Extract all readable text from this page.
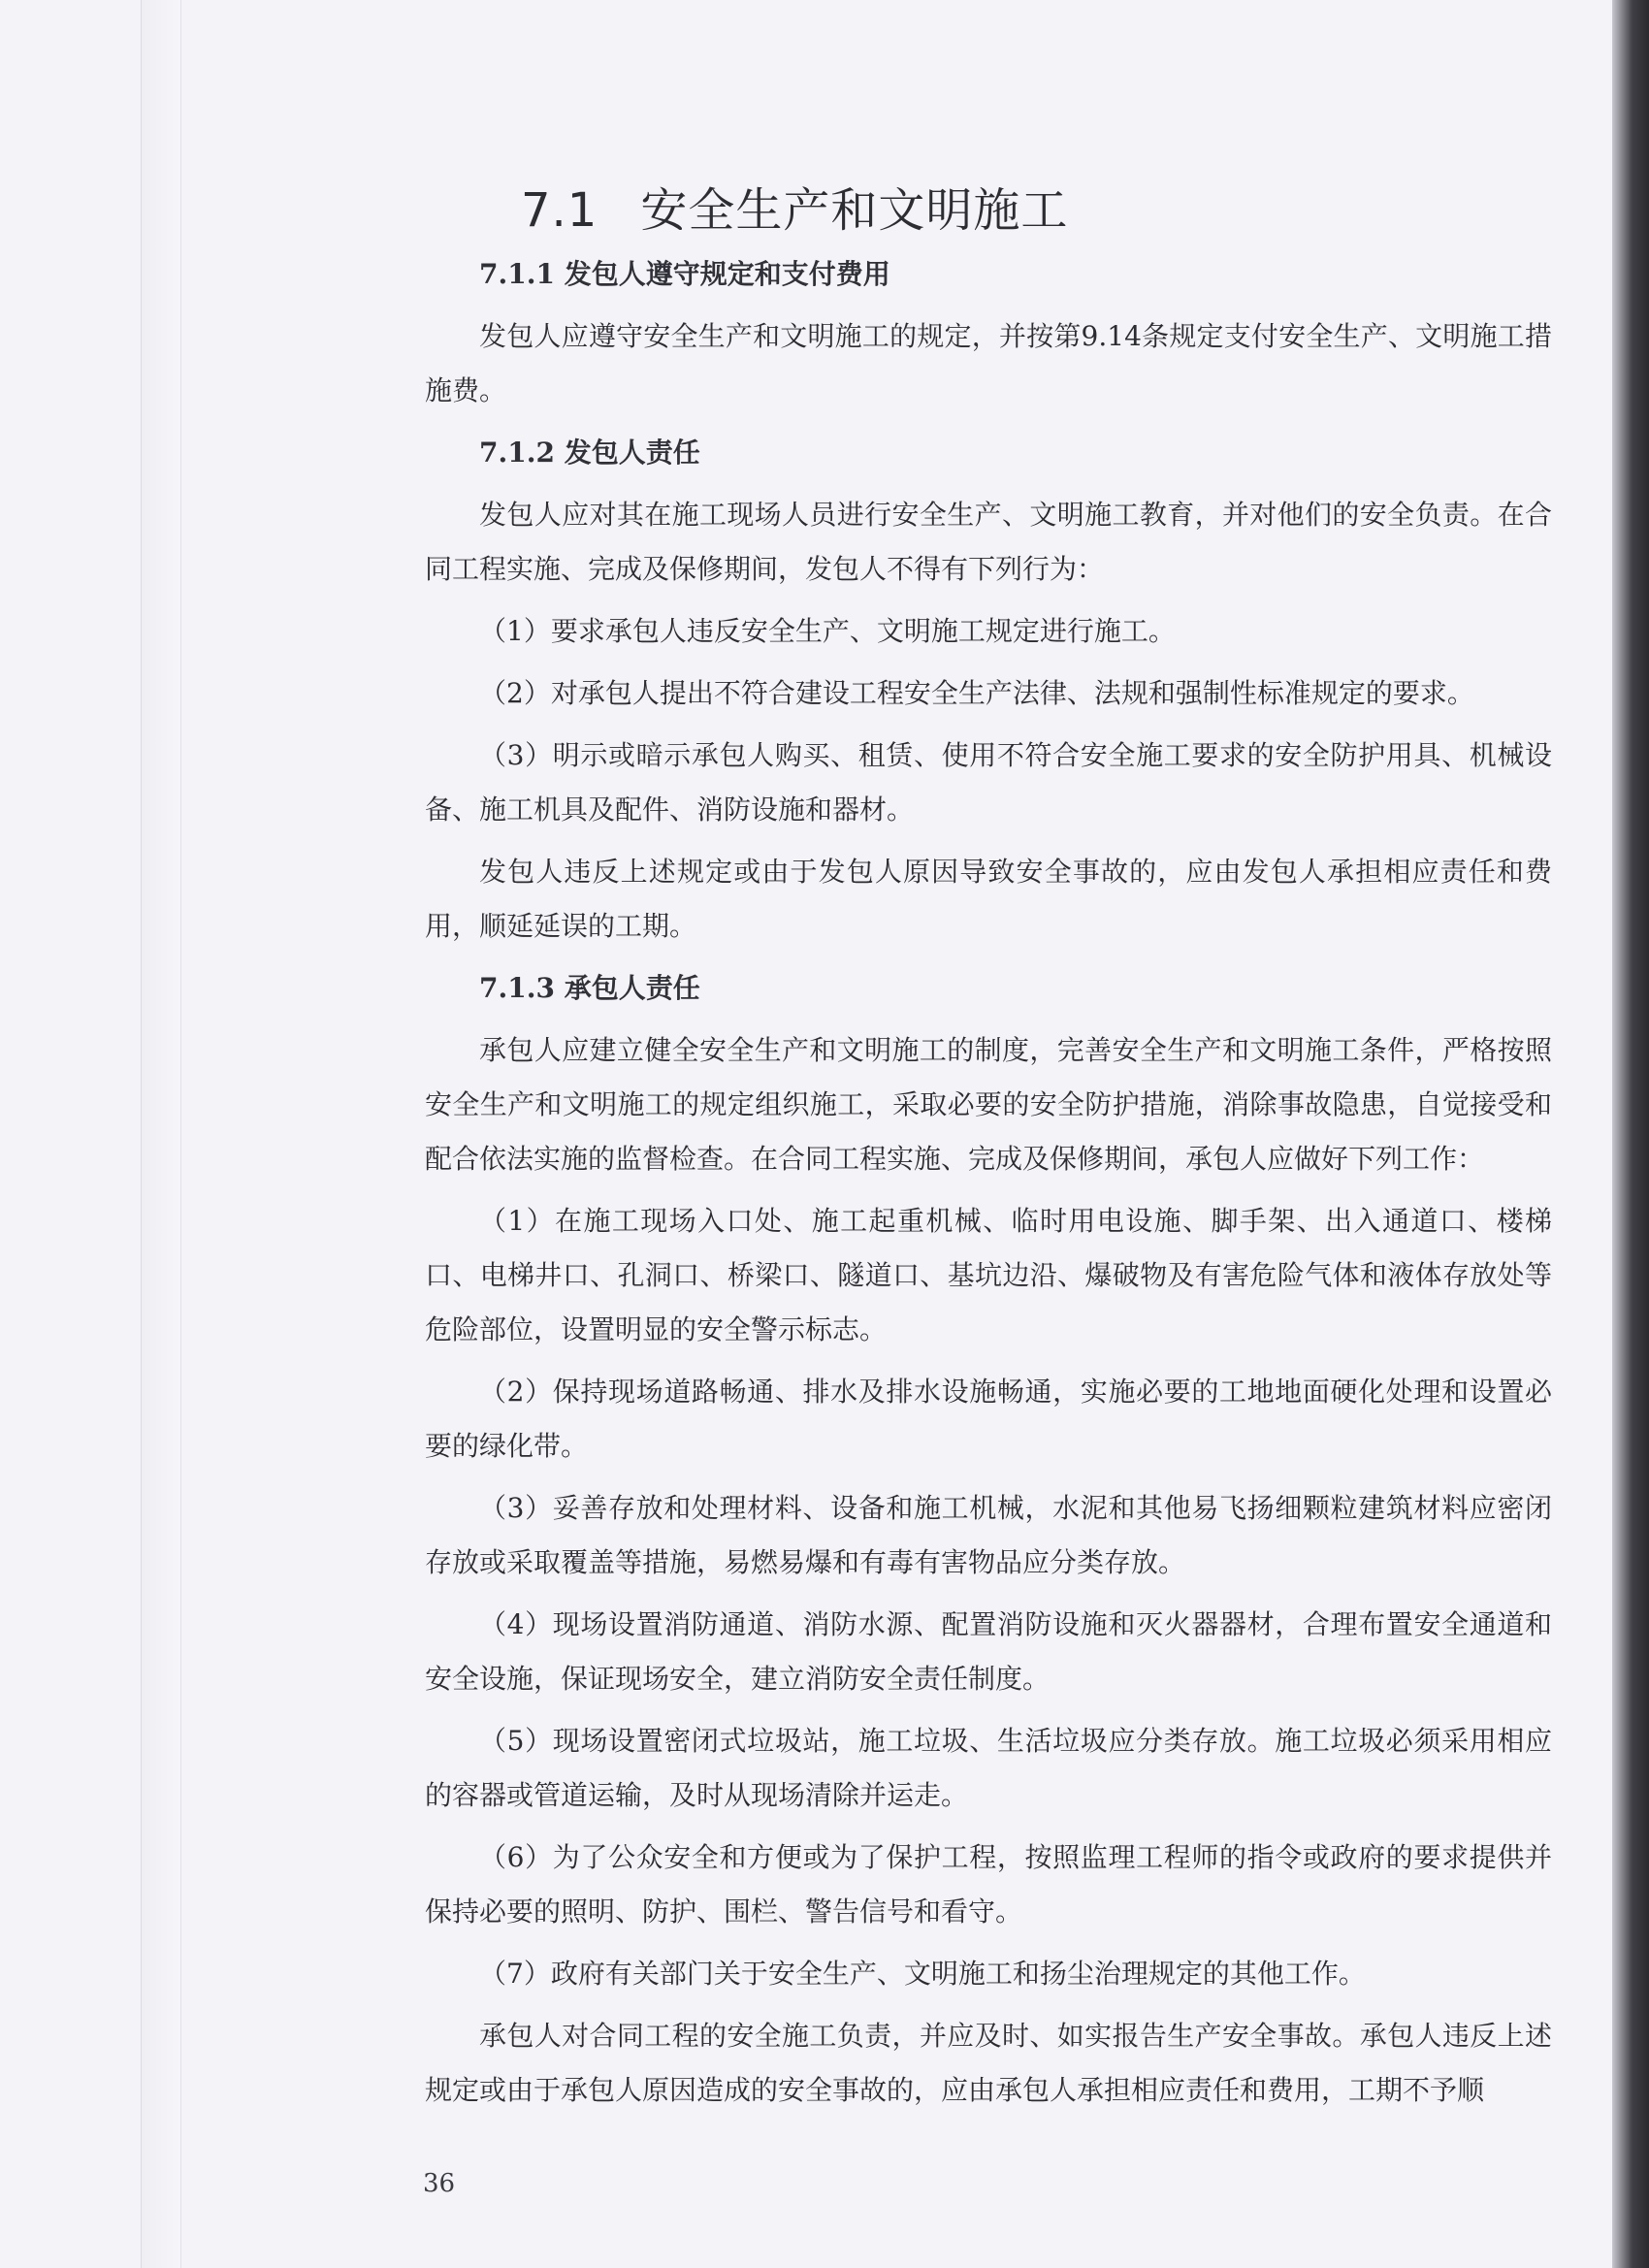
7.1 安全生产和文明施工

7.1.1 发包人遵守规定和支付费用

发包人应遵守安全生产和文明施工的规定，并按第9.14条规定支付安全生产、文明施工措施费。

7.1.2 发包人责任

发包人应对其在施工现场人员进行安全生产、文明施工教育，并对他们的安全负责。在合同工程实施、完成及保修期间，发包人不得有下列行为：

（1）要求承包人违反安全生产、文明施工规定进行施工。

（2）对承包人提出不符合建设工程安全生产法律、法规和强制性标准规定的要求。

（3）明示或暗示承包人购买、租赁、使用不符合安全施工要求的安全防护用具、机械设备、施工机具及配件、消防设施和器材。

发包人违反上述规定或由于发包人原因导致安全事故的，应由发包人承担相应责任和费用，顺延延误的工期。

7.1.3 承包人责任

承包人应建立健全安全生产和文明施工的制度，完善安全生产和文明施工条件，严格按照安全生产和文明施工的规定组织施工，采取必要的安全防护措施，消除事故隐患，自觉接受和配合依法实施的监督检查。在合同工程实施、完成及保修期间，承包人应做好下列工作：

（1）在施工现场入口处、施工起重机械、临时用电设施、脚手架、出入通道口、楼梯口、电梯井口、孔洞口、桥梁口、隧道口、基坑边沿、爆破物及有害危险气体和液体存放处等危险部位，设置明显的安全警示标志。

（2）保持现场道路畅通、排水及排水设施畅通，实施必要的工地地面硬化处理和设置必要的绿化带。

（3）妥善存放和处理材料、设备和施工机械，水泥和其他易飞扬细颗粒建筑材料应密闭存放或采取覆盖等措施，易燃易爆和有毒有害物品应分类存放。

（4）现场设置消防通道、消防水源、配置消防设施和灭火器器材，合理布置安全通道和安全设施，保证现场安全，建立消防安全责任制度。

（5）现场设置密闭式垃圾站，施工垃圾、生活垃圾应分类存放。施工垃圾必须采用相应的容器或管道运输，及时从现场清除并运走。

（6）为了公众安全和方便或为了保护工程，按照监理工程师的指令或政府的要求提供并保持必要的照明、防护、围栏、警告信号和看守。

（7）政府有关部门关于安全生产、文明施工和扬尘治理规定的其他工作。

承包人对合同工程的安全施工负责，并应及时、如实报告生产安全事故。承包人违反上述规定或由于承包人原因造成的安全事故的，应由承包人承担相应责任和费用，工期不予顺

36
